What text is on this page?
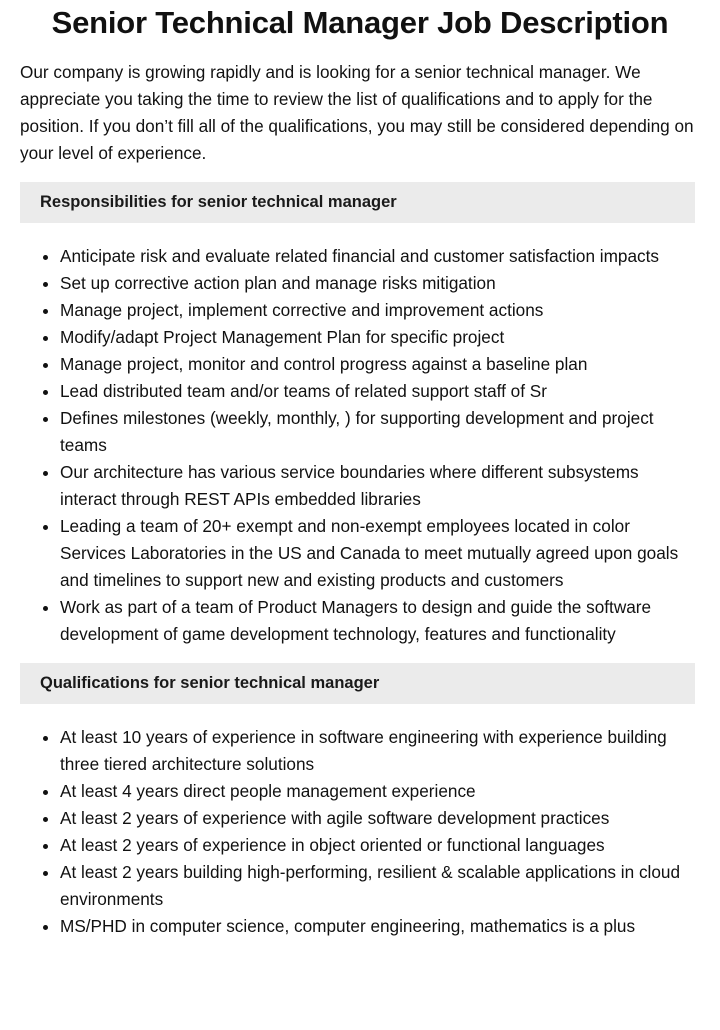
Senior Technical Manager Job Description

Our company is growing rapidly and is looking for a senior technical manager. We appreciate you taking the time to review the list of qualifications and to apply for the position. If you don’t fill all of the qualifications, you may still be considered depending on your level of experience.

Responsibilities for senior technical manager
• Anticipate risk and evaluate related financial and customer satisfaction impacts
• Set up corrective action plan and manage risks mitigation
• Manage project, implement corrective and improvement actions
• Modify/adapt Project Management Plan for specific project
• Manage project, monitor and control progress against a baseline plan
• Lead distributed team and/or teams of related support staff of Sr
• Defines milestones (weekly, monthly, ) for supporting development and project teams
• Our architecture has various service boundaries where different subsystems interact through REST APIs embedded libraries
• Leading a team of 20+ exempt and non-exempt employees located in color Services Laboratories in the US and Canada to meet mutually agreed upon goals and timelines to support new and existing products and customers
• Work as part of a team of Product Managers to design and guide the software development of game development technology, features and functionality
Qualifications for senior technical manager
• At least 10 years of experience in software engineering with experience building three tiered architecture solutions
• At least 4 years direct people management experience
• At least 2 years of experience with agile software development practices
• At least 2 years of experience in object oriented or functional languages
• At least 2 years building high-performing, resilient & scalable applications in cloud environments
• MS/PHD in computer science, computer engineering, mathematics is a plus
